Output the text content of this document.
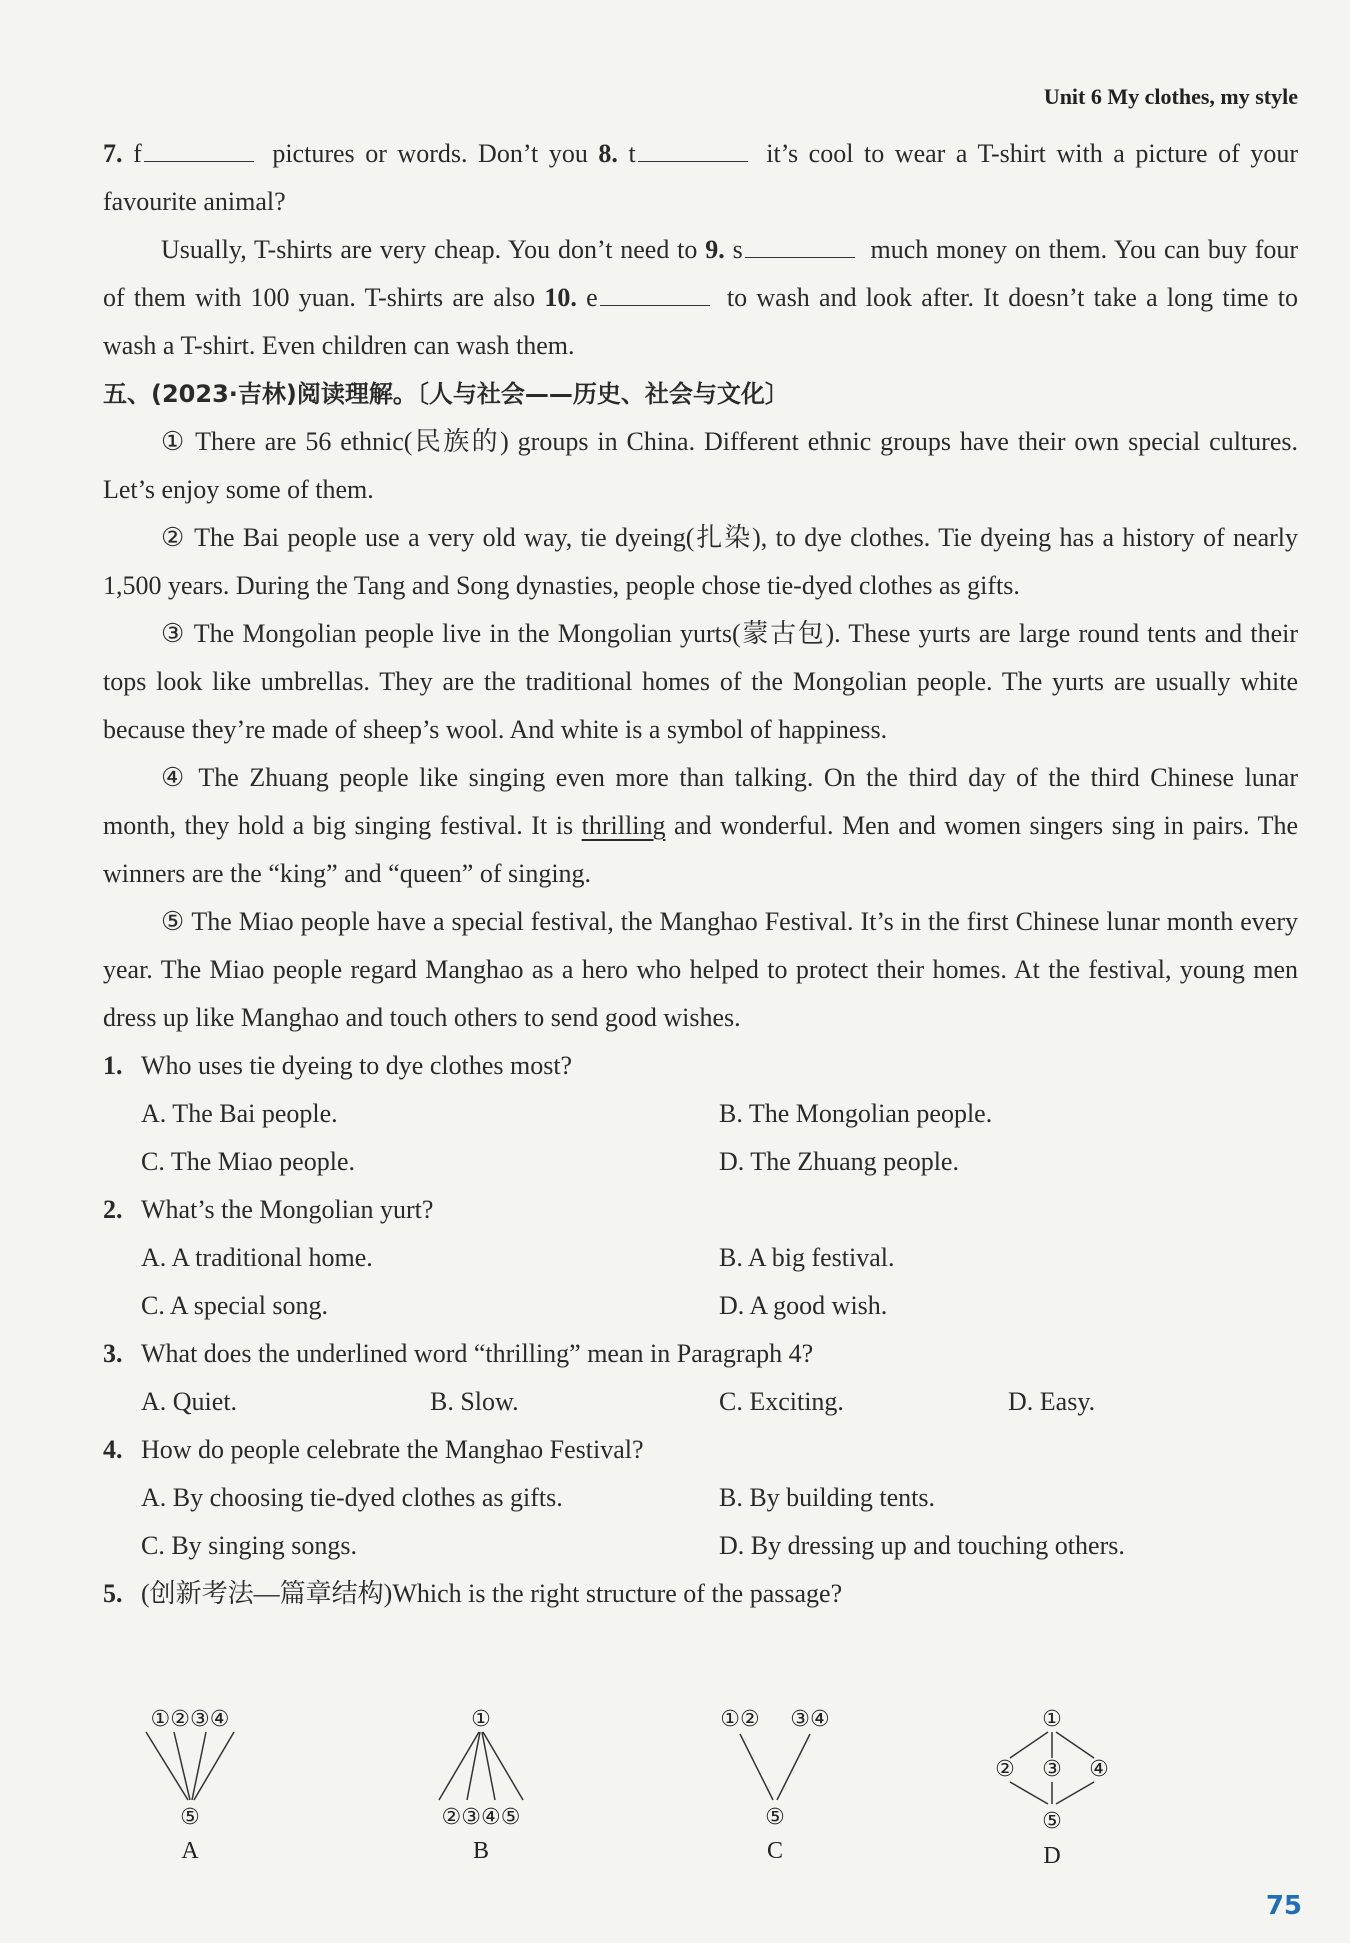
Unit 6 My clothes, my style

7. f	pictures or words. Don’t you 8. t	it’s cool to wear a T-shirt with a picture of your favourite animal?

Usually, T-shirts are very cheap. You don’t need to 9. s	much money on them. You can buy four of them with 100 yuan. T-shirts are also 10. e	to wash and look after. It doesn’t take a long time to wash a T-shirt. Even children can wash them.

五、(2023·吉林)阅读理解。〔人与社会——历史、社会与文化〕

① There are 56 ethnic(民族的) groups in China. Different ethnic groups have their own special cultures. Let’s enjoy some of them.

② The Bai people use a very old way, tie dyeing(扎染), to dye clothes. Tie dyeing has a history of nearly 1,500 years. During the Tang and Song dynasties, people chose tie-dyed clothes as gifts.

③ The Mongolian people live in the Mongolian yurts(蒙古包). These yurts are large round tents and their tops look like umbrellas. They are the traditional homes of the Mongolian people. The yurts are usually white because they’re made of sheep’s wool. And white is a symbol of happiness.

④ The Zhuang people like singing even more than talking. On the third day of the third Chinese lunar month, they hold a big singing festival. It is thrilling and wonderful. Men and women singers sing in pairs. The winners are the “king” and “queen” of singing.

⑤ The Miao people have a special festival, the Manghao Festival. It’s in the first Chinese lunar month every year. The Miao people regard Manghao as a hero who helped to protect their homes. At the festival, young men dress up like Manghao and touch others to send good wishes.

1. Who uses tie dyeing to dye clothes most?
A. The Bai people.	B. The Mongolian people.
C. The Miao people.	D. The Zhuang people.
2. What’s the Mongolian yurt?
A. A traditional home.	B. A big festival.
C. A special song.	D. A good wish.
3. What does the underlined word “thrilling” mean in Paragraph 4?
A. Quiet.	B. Slow.	C. Exciting.	D. Easy.
4. How do people celebrate the Manghao Festival?
A. By choosing tie-dyed clothes as gifts.	B. By building tents.
C. By singing songs.	D. By dressing up and touching others.
5. (创新考法—篇章结构)Which is the right structure of the passage?
①②③④
⑤
A
①
②③④⑤
B
①② ③④
⑤
C
①
② ③ ④
⑤
D
75
